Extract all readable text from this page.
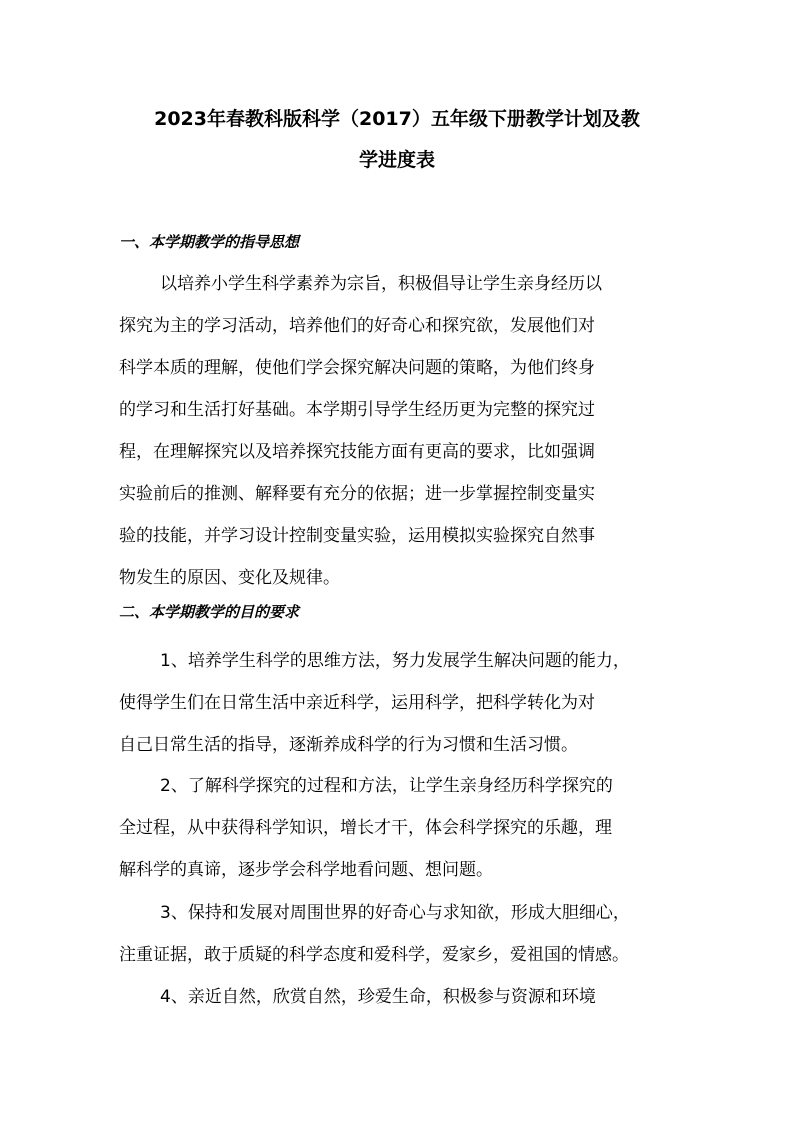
2023年春教科版科学（2017）五年级下册教学计划及教
学进度表
一、本学期教学的指导思想
以培养小学生科学素养为宗旨，积极倡导让学生亲身经历以
探究为主的学习活动，培养他们的好奇心和探究欲，发展他们对
科学本质的理解，使他们学会探究解决问题的策略，为他们终身
的学习和生活打好基础。本学期引导学生经历更为完整的探究过
程，在理解探究以及培养探究技能方面有更高的要求，比如强调
实验前后的推测、解释要有充分的依据；进一步掌握控制变量实
验的技能，并学习设计控制变量实验，运用模拟实验探究自然事
物发生的原因、变化及规律。
二、本学期教学的目的要求
1、培养学生科学的思维方法，努力发展学生解决问题的能力，
使得学生们在日常生活中亲近科学，运用科学，把科学转化为对
自己日常生活的指导，逐渐养成科学的行为习惯和生活习惯。
2、了解科学探究的过程和方法，让学生亲身经历科学探究的
全过程，从中获得科学知识，增长才干，体会科学探究的乐趣，理
解科学的真谛，逐步学会科学地看问题、想问题。
3、保持和发展对周围世界的好奇心与求知欲，形成大胆细心，
注重证据，敢于质疑的科学态度和爱科学，爱家乡，爱祖国的情感。
4、亲近自然，欣赏自然，珍爱生命，积极参与资源和环境
